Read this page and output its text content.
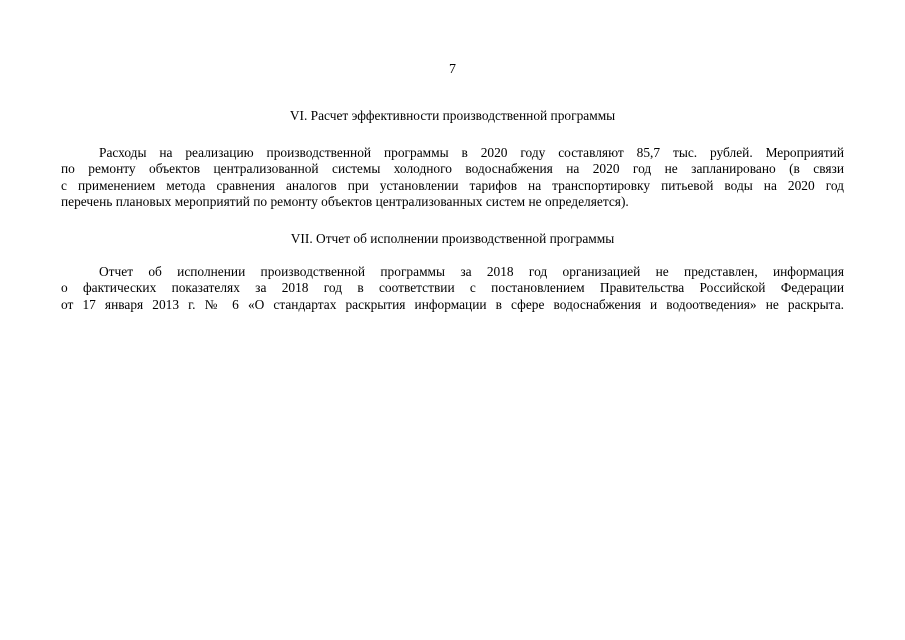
7
VI. Расчет эффективности производственной программы
Расходы на реализацию производственной программы в 2020 году составляют 85,7 тыс. рублей. Мероприятий
по ремонту объектов централизованной системы холодного водоснабжения на 2020 год не запланировано (в связи
с применением метода сравнения аналогов при установлении тарифов на транспортировку питьевой воды на 2020 год
перечень плановых мероприятий по ремонту объектов централизованных систем не определяется).
VII. Отчет об исполнении производственной программы
Отчет об исполнении производственной программы за 2018 год организацией не представлен, информация
о фактических показателях за 2018 год в соответствии с постановлением Правительства Российской Федерации
от 17 января 2013 г. № 6 «О стандартах раскрытия информации в сфере водоснабжения и водоотведения» не раскрыта.
